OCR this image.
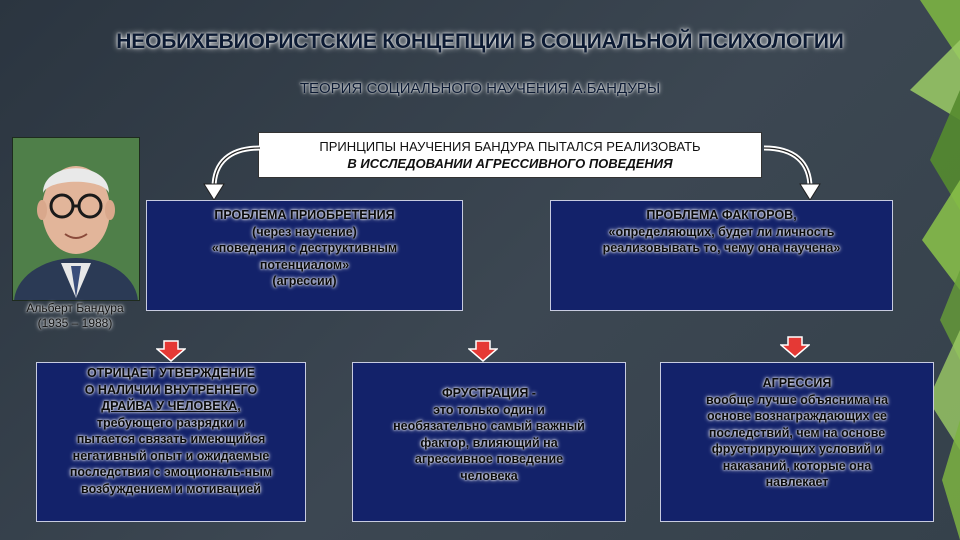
НЕОБИХЕВИОРИСТСКИЕ КОНЦЕПЦИИ В СОЦИАЛЬНОЙ ПСИХОЛОГИИ
ТЕОРИЯ СОЦИАЛЬНОГО НАУЧЕНИЯ А.БАНДУРЫ
ПРИНЦИПЫ НАУЧЕНИЯ БАНДУРА ПЫТАЛСЯ РЕАЛИЗОВАТЬ
В ИССЛЕДОВАНИИ АГРЕССИВНОГО ПОВЕДЕНИЯ
Альберт Бандура
(1935 – 1988)
ПРОБЛЕМА ПРИОБРЕТЕНИЯ
(через научение)
«поведения с деструктивным
потенциалом»
(агрессии)
ПРОБЛЕМА ФАКТОРОВ,
«определяющих, будет ли личность
реализовывать то, чему она научена»
ОТРИЦАЕТ УТВЕРЖДЕНИЕ
О НАЛИЧИИ ВНУТРЕННЕГО
ДРАЙВА У ЧЕЛОВЕКА,
требующего разрядки и
пытается связать имеющийся
негативный опыт и ожидаемые
последствия с эмоциональ-ным
возбуждением и мотивацией
ФРУСТРАЦИЯ -
это только один и
необязательно самый важный
фактор, влияющий на
агрессивное поведение
человека
АГРЕССИЯ
вообще лучше объяснима на
основе вознаграждающих ее
последствий, чем на основе
фрустрирующих условий и
наказаний, которые она
навлекает
